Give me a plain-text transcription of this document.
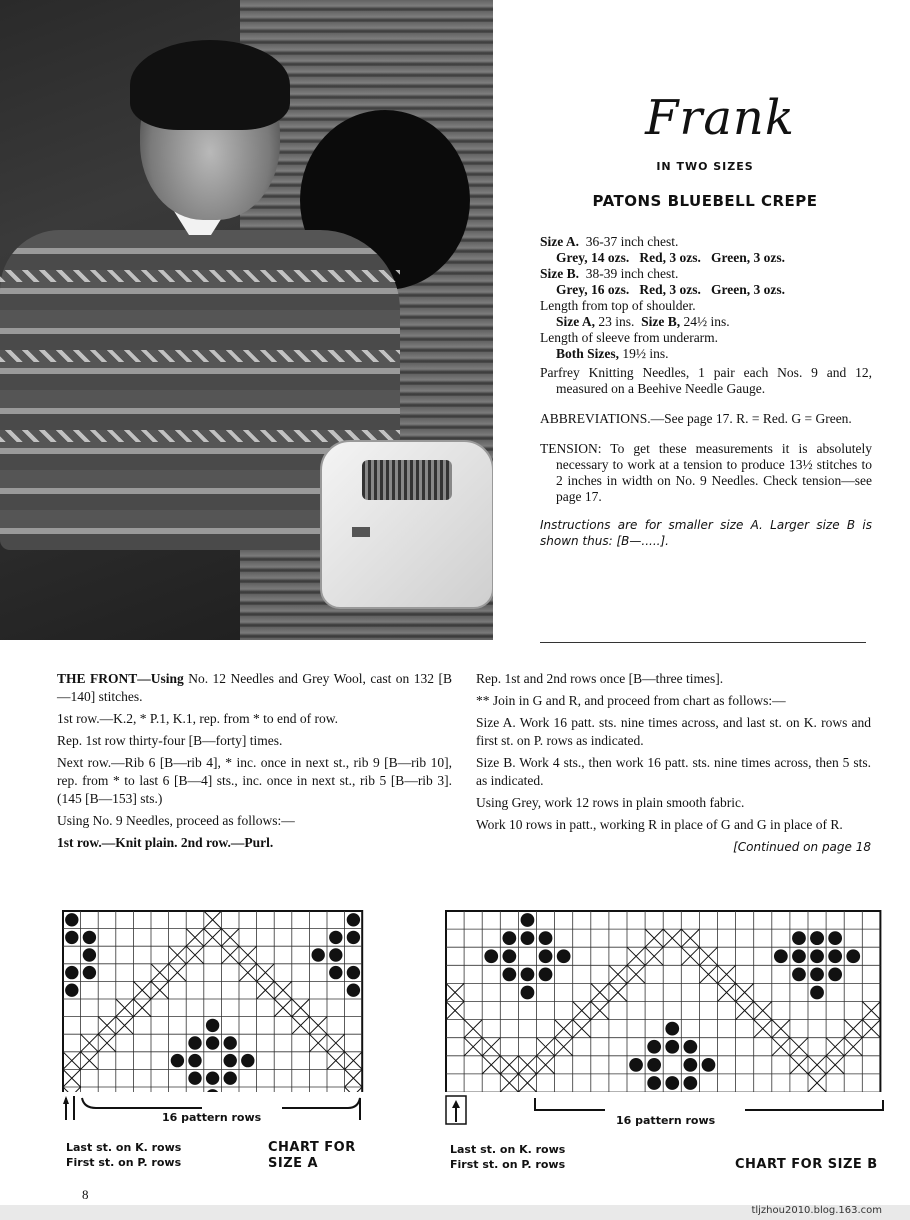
Frank
IN TWO SIZES
PATONS BLUEBELL CREPE
Size A. 36-37 inch chest.
Grey, 14 ozs. Red, 3 ozs. Green, 3 ozs.
Size B. 38-39 inch chest.
Grey, 16 ozs. Red, 3 ozs. Green, 3 ozs.
Length from top of shoulder.
Size A, 23 ins. Size B, 24½ ins.
Length of sleeve from underarm.
Both Sizes, 19½ ins.
Parfrey Knitting Needles, 1 pair each Nos. 9 and 12, measured on a Beehive Needle Gauge.
ABBREVIATIONS.—See page 17. R. = Red. G = Green.
TENSION: To get these measurements it is absolutely necessary to work at a tension to produce 13½ stitches to 2 inches in width on No. 9 Needles. Check tension—see page 17.
Instructions are for smaller size A. Larger size B is shown thus: [B—.....].

THE FRONT—Using No. 12 Needles and Grey Wool, cast on 132 [B—140] stitches.

1st row.—K.2, * P.1, K.1, rep. from * to end of row.

Rep. 1st row thirty-four [B—forty] times.

Next row.—Rib 6 [B—rib 4], * inc. once in next st., rib 9 [B—rib 10], rep. from * to last 6 [B—4] sts., inc. once in next st., rib 5 [B—rib 3]. (145 [B—153] sts.)

Using No. 9 Needles, proceed as follows:—

1st row.—Knit plain. 2nd row.—Purl.

Rep. 1st and 2nd rows once [B—three times].

** Join in G and R, and proceed from chart as follows:—

Size A. Work 16 patt. sts. nine times across, and last st. on K. rows and first st. on P. rows as indicated.

Size B. Work 4 sts., then work 16 patt. sts. nine times across, then 5 sts. as indicated.

Using Grey, work 12 rows in plain smooth fabric.

Work 10 rows in patt., working R in place of G and G in place of R.

[Continued on page 18

16 pattern rows
Last st. on K. rows
First st. on P. rows
CHART FOR
SIZE A
16 pattern rows
Last st. on K. rows
First st. on P. rows	CHART FOR SIZE B
8
tljzhou2010.blog.163.com
